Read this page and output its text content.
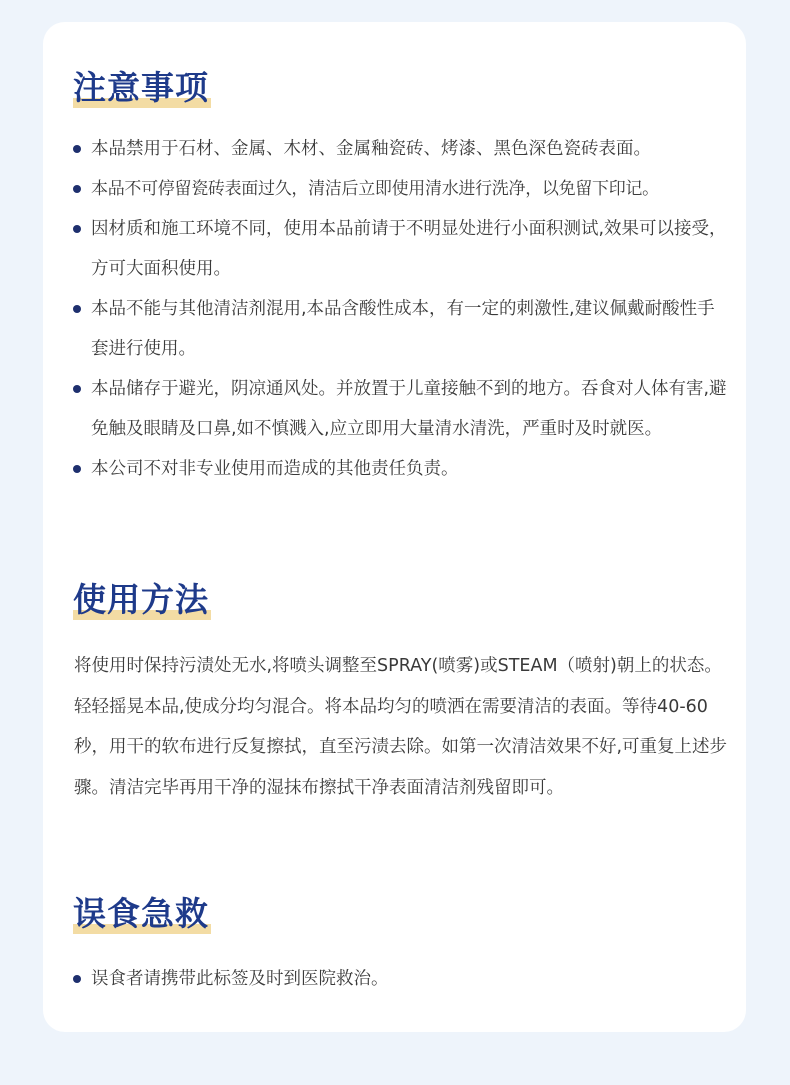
注意事项
本品禁用于石材、金属、木材、金属釉瓷砖、烤漆、黑色深色瓷砖表面。
本品不可停留瓷砖表面过久，清洁后立即使用清水进行洗净，以免留下印记。
因材质和施工环境不同，使用本品前请于不明显处进行小面积测试,效果可以接受，方可大面积使用。
本品不能与其他清洁剂混用,本品含酸性成本，有一定的刺激性,建议佩戴耐酸性手套进行使用。
本品储存于避光，阴凉通风处。并放置于儿童接触不到的地方。吞食对人体有害,避免触及眼睛及口鼻,如不慎溅入,应立即用大量清水清洗，严重时及时就医。
本公司不对非专业使用而造成的其他责任负责。
使用方法

将使用时保持污渍处无水,将喷头调整至SPRAY(喷雾)或STEAM（喷射)朝上的状态。轻轻摇晃本品,使成分均匀混合。将本品均匀的喷洒在需要清洁的表面。等待40-60秒，用干的软布进行反复擦拭，直至污渍去除。如第一次清洁效果不好,可重复上述步骤。清洁完毕再用干净的湿抹布擦拭干净表面清洁剂残留即可。

误食急救
误食者请携带此标签及时到医院救治。
